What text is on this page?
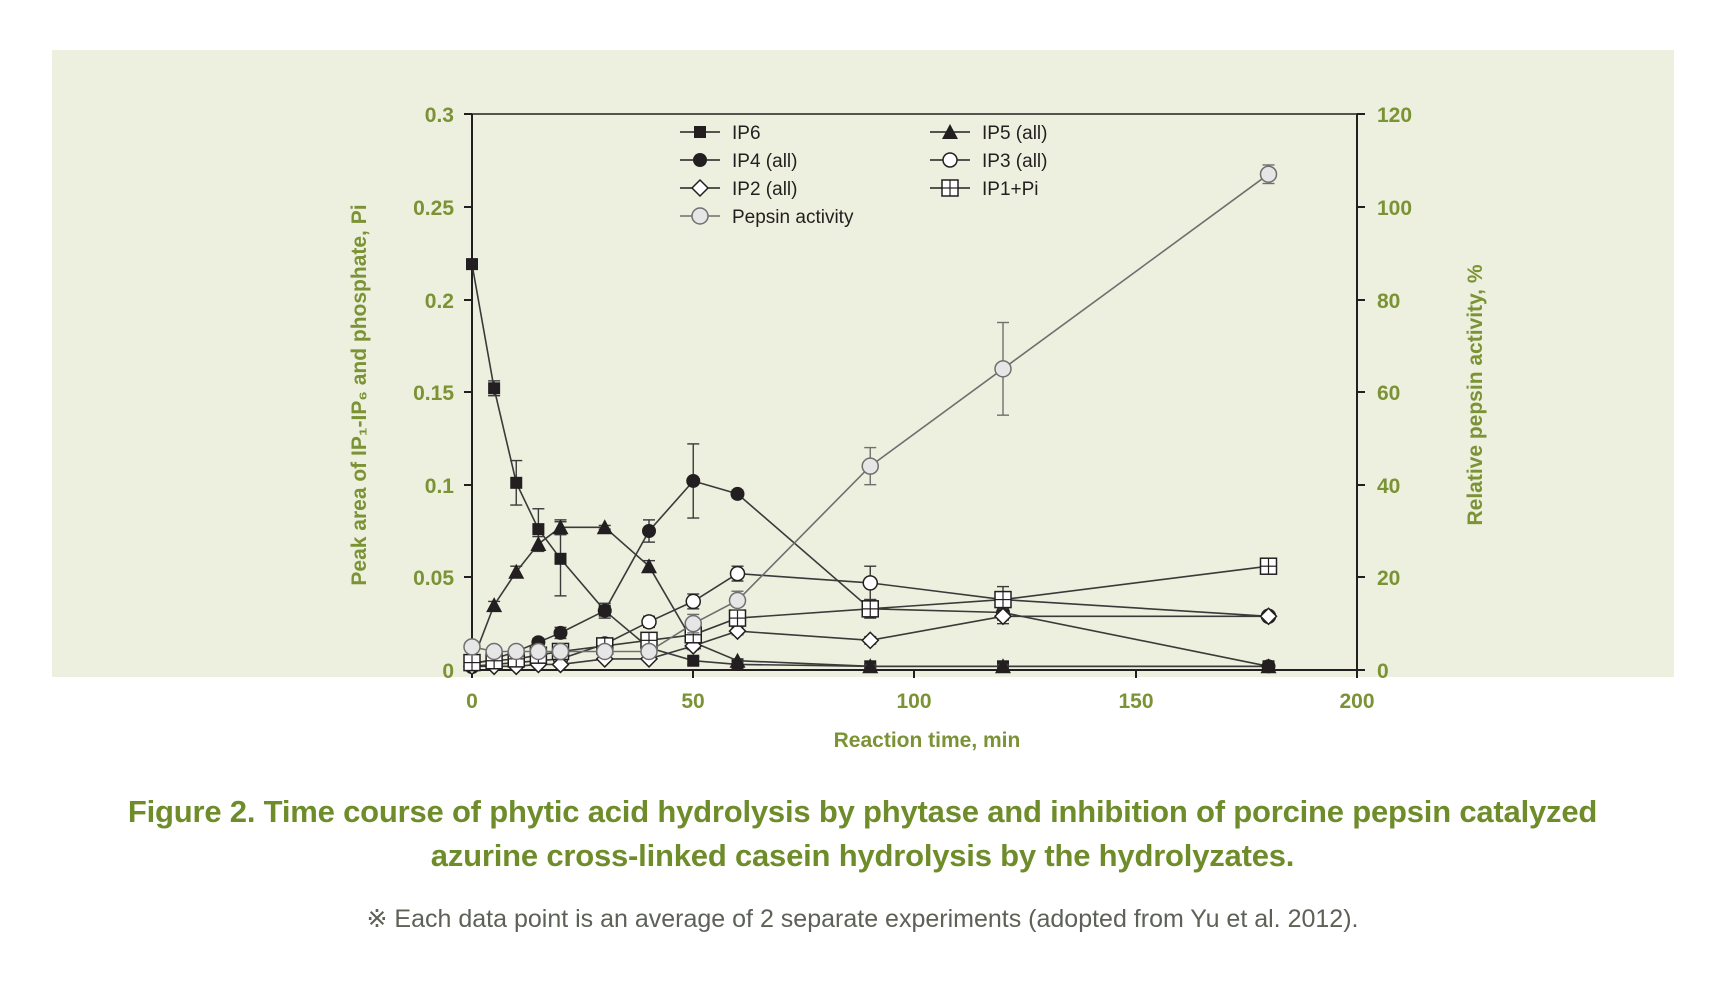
0
0.05
0.1
0.15
0.2
0.25
0.3
0
20
40
60
80
100
120
0	50	100	150	200
Reaction time, min
Peak area of IP₁-IP₆ and phosphate, Pi	Relative pepsin activity, %
IP6	IP5 (all)
IP4 (all)	IP3 (all)
IP2 (all)	IP1+Pi
Pepsin activity
Figure 2. Time course of phytic acid hydrolysis by phytase and inhibition of porcine pepsin catalyzed azurine cross-linked casein hydrolysis by the hydrolyzates.
※ Each data point is an average of 2 separate experiments (adopted from Yu et al. 2012).
